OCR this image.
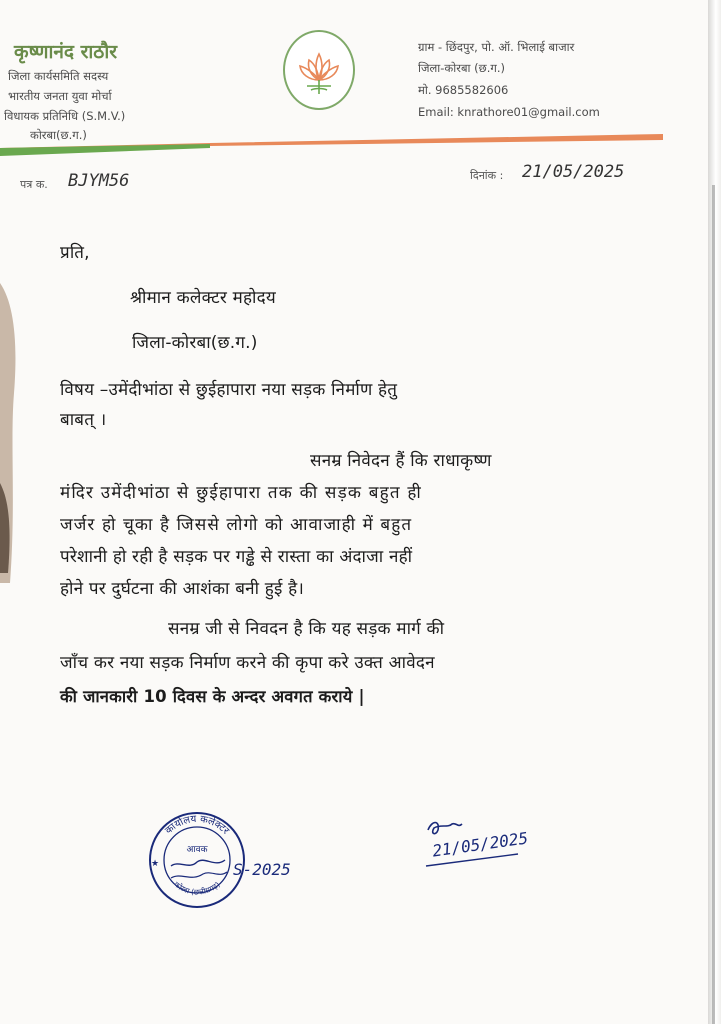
कृष्णानंद राठौर
जिला कार्यसमिति सदस्य
भारतीय जनता युवा मोर्चा
विधायक प्रतिनिधि (S.M.V.)
कोरबा(छ.ग.)
ग्राम - छिंदपुर, पो. ऑ. भिलाई बाजार
जिला-कोरबा (छ.ग.)
मो. 9685582606
Email: knrathore01@gmail.com
पत्र क. BJYM56	दिनांक : 21/05/2025
प्रति,
श्रीमान कलेक्टर महोदय
जिला-कोरबा(छ.ग.)
विषय –उमेंदीभांठा से छुईहापारा नया सड़क निर्माण हेतु
बाबत् ।
सनम्र निवेदन हैं कि राधाकृष्ण
मंदिर उमेंदीभांठा से छुईहापारा तक की सड़क बहुत ही
जर्जर हो चूका है जिससे लोगो को आवाजाही में बहुत
परेशानी हो रही है सड़क पर गड्ढे से रास्ता का अंदाजा नहीं
होने पर दुर्घटना की आशंका बनी हुई है।
सनम्र जी से निवदन है कि यह सड़क मार्ग की
जाँच कर नया सड़क निर्माण करने की कृपा करे उक्त आवेदन
की जानकारी 10 दिवस के अन्दर अवगत कराये |
कार्यालय कलेक्टर
कोरबा (छत्तीसगढ़)
आवक
★	S-2025
21/05/2025
